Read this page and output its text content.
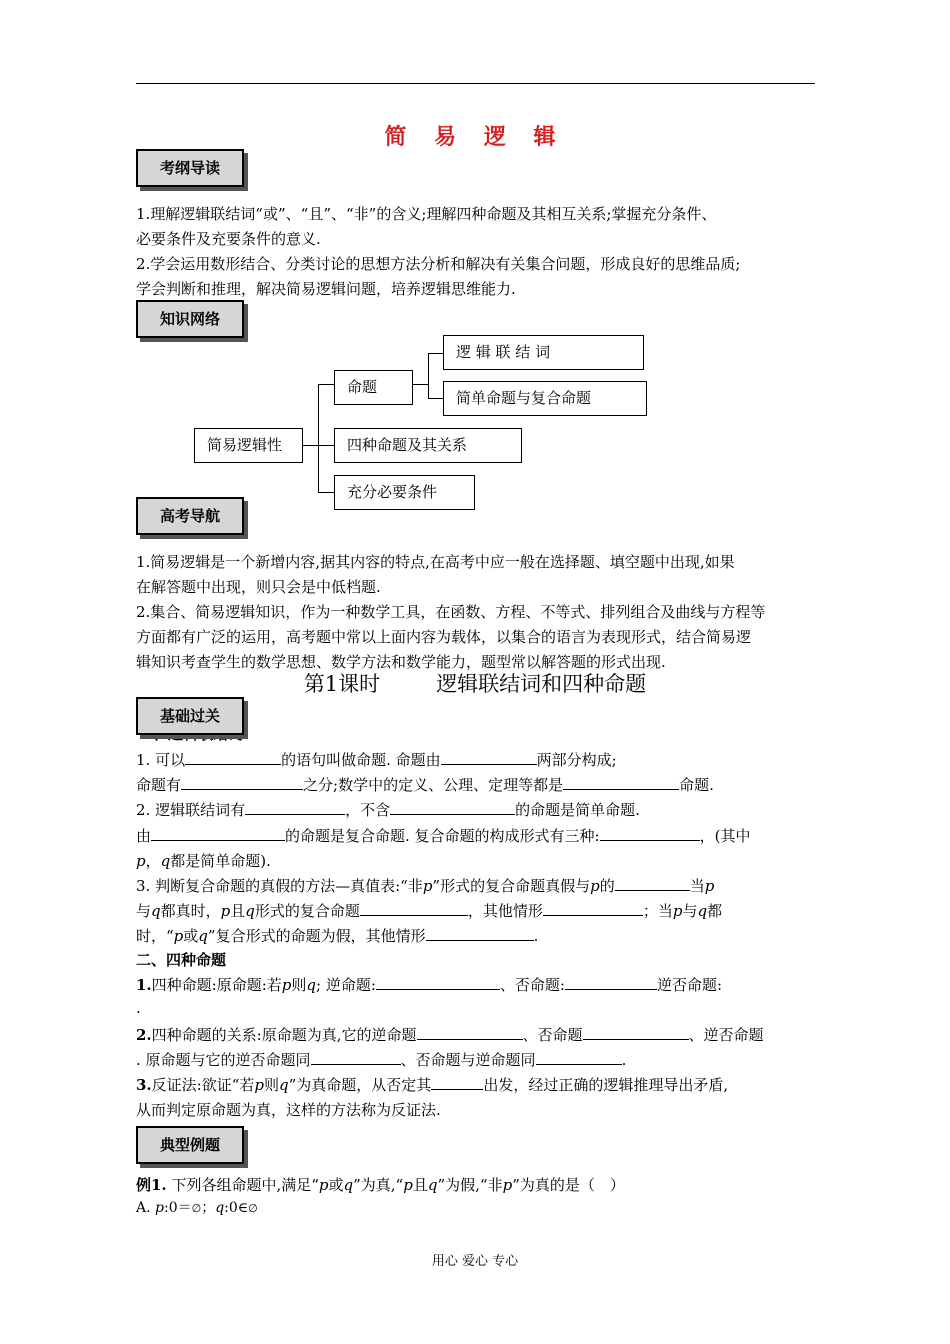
简 易 逻 辑
考纲导读
1.理解逻辑联结词“或”、“且”、“非”的含义;理解四种命题及其相互关系;掌握充分条件、
必要条件及充要条件的意义.
2.学会运用数形结合、分类讨论的思想方法分析和解决有关集合问题，形成良好的思维品质;
学会判断和推理，解决简易逻辑问题，培养逻辑思维能力.
知识网络
简易逻辑性
命题
逻 辑 联 结 词
简单命题与复合命题
四种命题及其关系
充分必要条件
高考导航
1.简易逻辑是一个新增内容,据其内容的特点,在高考中应一般在选择题、填空题中出现,如果
在解答题中出现，则只会是中低档题.
2.集合、简易逻辑知识，作为一种数学工具，在函数、方程、不等式、排列组合及曲线与方程等
方面都有广泛的运用，高考题中常以上面内容为载体，以集合的语言为表现形式，结合简易逻
辑知识考查学生的数学思想、数学方法和数学能力，题型常以解答题的形式出现.
第1课时	逻辑联结词和四种命题
基础过关
1. 可以	的语句叫做命题. 命题由	两部分构成;
命题有	之分;数学中的定义、公理、定理等都是	命题.
2. 逻辑联结词有	，不含	的命题是简单命题.
由	的命题是复合命题. 复合命题的构成形式有三种:	，(其中
p，q都是简单命题).
3. 判断复合命题的真假的方法—真值表:“非p”形式的复合命题真假与p的	当p
与q都真时，p且q形式的复合命题	，其他情形	；当p与q都
时，“p或q”复合形式的命题为假，其他情形	.
二、四种命题
1.四种命题:原命题:若p则q; 逆命题:	、否命题:	逆否命题:
.
2.四种命题的关系:原命题为真,它的逆命题	、否命题	、逆否命题
. 原命题与它的逆否命题同	、否命题与逆命题同	.
3.反证法:欲证“若p则q”为真命题，从否定其	出发，经过正确的逻辑推理导出矛盾,
从而判定原命题为真，这样的方法称为反证法.
典型例题
例1. 下列各组命题中,满足“p或q”为真,“p且q”为假,“非p”为真的是（　）
A. p:0＝∅；q:0∈∅
用心 爱心 专心
